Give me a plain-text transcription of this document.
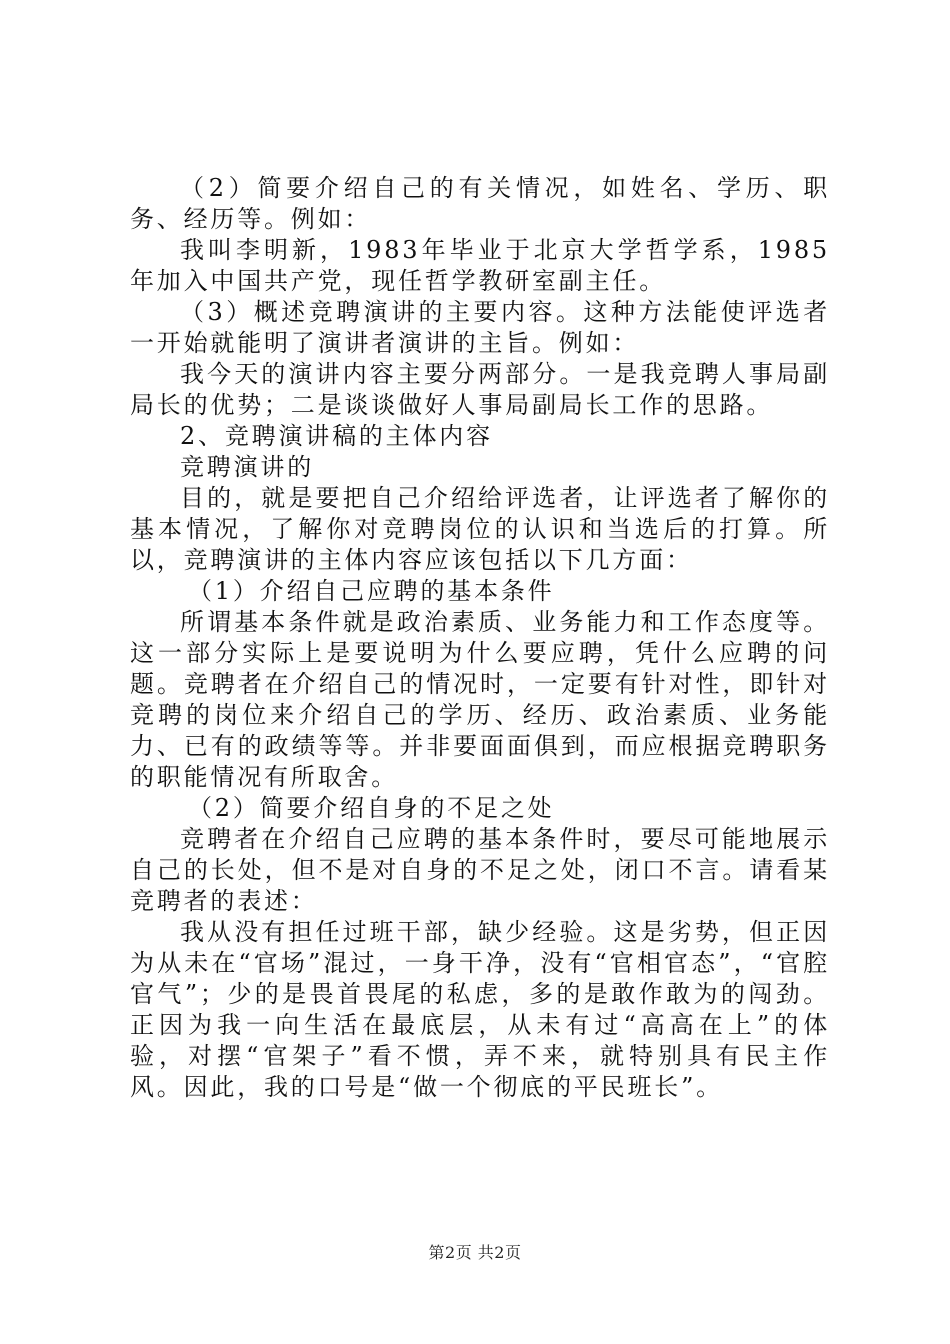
（2）简要介绍自己的有关情况，如姓名、学历、职务、经历等。例如：

我叫李明新，1983年毕业于北京大学哲学系，1985年加入中国共产党，现任哲学教研室副主任。

（3）概述竞聘演讲的主要内容。这种方法能使评选者一开始就能明了演讲者演讲的主旨。例如：

我今天的演讲内容主要分两部分。一是我竞聘人事局副局长的优势；二是谈谈做好人事局副局长工作的思路。

2、竞聘演讲稿的主体内容

竞聘演讲的

目的，就是要把自己介绍给评选者，让评选者了解你的基本情况，了解你对竞聘岗位的认识和当选后的打算。所以，竞聘演讲的主体内容应该包括以下几方面：

（1）介绍自己应聘的基本条件

所谓基本条件就是政治素质、业务能力和工作态度等。这一部分实际上是要说明为什么要应聘，凭什么应聘的问题。竞聘者在介绍自己的情况时，一定要有针对性，即针对竞聘的岗位来介绍自己的学历、经历、政治素质、业务能力、已有的政绩等等。并非要面面俱到，而应根据竞聘职务的职能情况有所取舍。

（2）简要介绍自身的不足之处

竞聘者在介绍自己应聘的基本条件时，要尽可能地展示自己的长处，但不是对自身的不足之处，闭口不言。请看某竞聘者的表述：

我从没有担任过班干部，缺少经验。这是劣势，但正因为从未在“官场”混过，一身干净，没有“官相官态”，“官腔官气”；少的是畏首畏尾的私虑，多的是敢作敢为的闯劲。正因为我一向生活在最底层，从未有过“高高在上”的体验，对摆“官架子”看不惯，弄不来，就特别具有民主作风。因此，我的口号是“做一个彻底的平民班长”。

第2页 共2页
